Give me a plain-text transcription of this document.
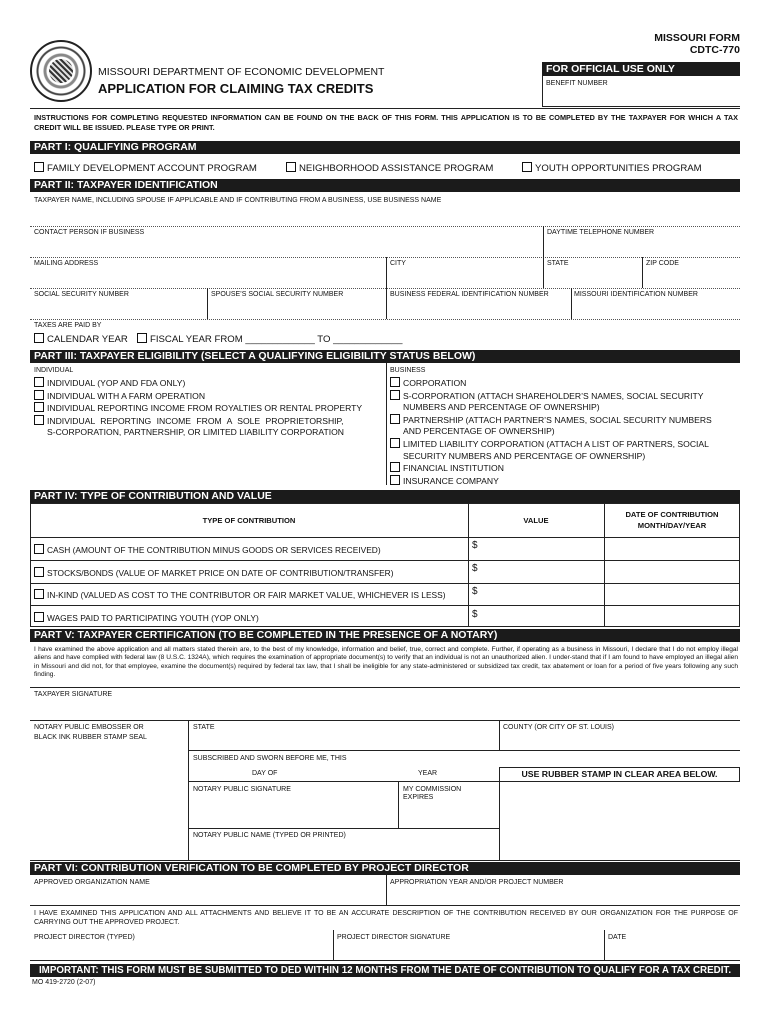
MISSOURI FORM
CDTC-770
MISSOURI DEPARTMENT OF ECONOMIC DEVELOPMENT
APPLICATION FOR CLAIMING TAX CREDITS
FOR OFFICIAL USE ONLY
BENEFIT NUMBER
INSTRUCTIONS FOR COMPLETING REQUESTED INFORMATION CAN BE FOUND ON THE BACK OF THIS FORM. THIS APPLICATION IS TO BE COMPLETED BY THE TAXPAYER FOR WHICH A TAX CREDIT WILL BE ISSUED. PLEASE TYPE OR PRINT.
PART I: QUALIFYING PROGRAM
FAMILY DEVELOPMENT ACCOUNT PROGRAM	NEIGHBORHOOD ASSISTANCE PROGRAM	YOUTH OPPORTUNITIES PROGRAM
PART II: TAXPAYER IDENTIFICATION
TAXPAYER NAME, INCLUDING SPOUSE IF APPLICABLE AND IF CONTRIBUTING FROM A BUSINESS, USE BUSINESS NAME
CONTACT PERSON IF BUSINESS	DAYTIME TELEPHONE NUMBER
MAILING ADDRESS	CITY	STATE	ZIP CODE
SOCIAL SECURITY NUMBER	SPOUSE’S SOCIAL SECURITY NUMBER	BUSINESS FEDERAL IDENTIFICATION NUMBER	MISSOURI IDENTIFICATION NUMBER
TAXES ARE PAID BY
CALENDAR YEAR	FISCAL YEAR FROM _____________ TO _____________
PART III: TAXPAYER ELIGIBILITY (SELECT A QUALIFYING ELIGIBILITY STATUS BELOW)
INDIVIDUAL	BUSINESS
INDIVIDUAL (YOP AND FDA ONLY)
INDIVIDUAL WITH A FARM OPERATION
INDIVIDUAL REPORTING INCOME FROM ROYALTIES OR RENTAL PROPERTY
INDIVIDUAL REPORTING INCOME FROM A SOLE PROPRIETORSHIP,
S-CORPORATION, PARTNERSHIP, OR LIMITED LIABILITY CORPORATION
CORPORATION
S-CORPORATION (ATTACH SHAREHOLDER’S NAMES, SOCIAL SECURITY
NUMBERS AND PERCENTAGE OF OWNERSHIP)
PARTNERSHIP (ATTACH PARTNER’S NAMES, SOCIAL SECURITY NUMBERS
AND PERCENTAGE OF OWNERSHIP)
LIMITED LIABILITY CORPORATION (ATTACH A LIST OF PARTNERS, SOCIAL
SECURITY NUMBERS AND PERCENTAGE OF OWNERSHIP)
FINANCIAL INSTITUTION
INSURANCE COMPANY
PART IV: TYPE OF CONTRIBUTION AND VALUE
TYPE OF CONTRIBUTION	VALUE
DATE OF CONTRIBUTION
MONTH/DAY/YEAR
CASH (AMOUNT OF THE CONTRIBUTION MINUS GOODS OR SERVICES RECEIVED)	$
STOCKS/BONDS (VALUE OF MARKET PRICE ON DATE OF CONTRIBUTION/TRANSFER)	$
IN-KIND (VALUED AS COST TO THE CONTRIBUTOR OR FAIR MARKET VALUE, WHICHEVER IS LESS)	$
WAGES PAID TO PARTICIPATING YOUTH (YOP ONLY)	$
PART V: TAXPAYER CERTIFICATION (TO BE COMPLETED IN THE PRESENCE OF A NOTARY)
I have examined the above application and all matters stated therein are, to the best of my knowledge, information and belief, true, correct and complete. Further, if operating as a business in Missouri, I declare that I do not employ illegal aliens and have complied with federal law (8 U.S.C. 1324A), which requires the examination of appropriate document(s) to verify that an individual is not an unauthorized alien. I under-stand that if I am found to have employed an illegal alien in Missouri and did not, for that employee, examine the document(s) required by federal tax law, that I shall be ineligible for any state-administered or subsidized tax credit, tax abatement or loan for a period of five years following any such finding.
TAXPAYER SIGNATURE
NOTARY PUBLIC EMBOSSER OR
BLACK INK RUBBER STAMP SEAL
STATE	COUNTY (OR CITY OF ST. LOUIS)
SUBSCRIBED AND SWORN BEFORE ME, THIS
DAY OF	YEAR	USE RUBBER STAMP IN CLEAR AREA BELOW.
NOTARY PUBLIC SIGNATURE	MY COMMISSION
EXPIRES
NOTARY PUBLIC NAME (TYPED OR PRINTED)
PART VI: CONTRIBUTION VERIFICATION TO BE COMPLETED BY PROJECT DIRECTOR
APPROVED ORGANIZATION NAME	APPROPRIATION YEAR AND/OR PROJECT NUMBER
I HAVE EXAMINED THIS APPLICATION AND ALL ATTACHMENTS AND BELIEVE IT TO BE AN ACCURATE DESCRIPTION OF THE CONTRIBUTION RECEIVED BY OUR ORGANIZATION FOR THE PURPOSE OF CARRYING OUT THE APPROVED PROJECT.
PROJECT DIRECTOR (TYPED)	PROJECT DIRECTOR SIGNATURE	DATE
IMPORTANT: THIS FORM MUST BE SUBMITTED TO DED WITHIN 12 MONTHS FROM THE DATE OF CONTRIBUTION TO QUALIFY FOR A TAX CREDIT.
MO 419-2720 (2-07)
